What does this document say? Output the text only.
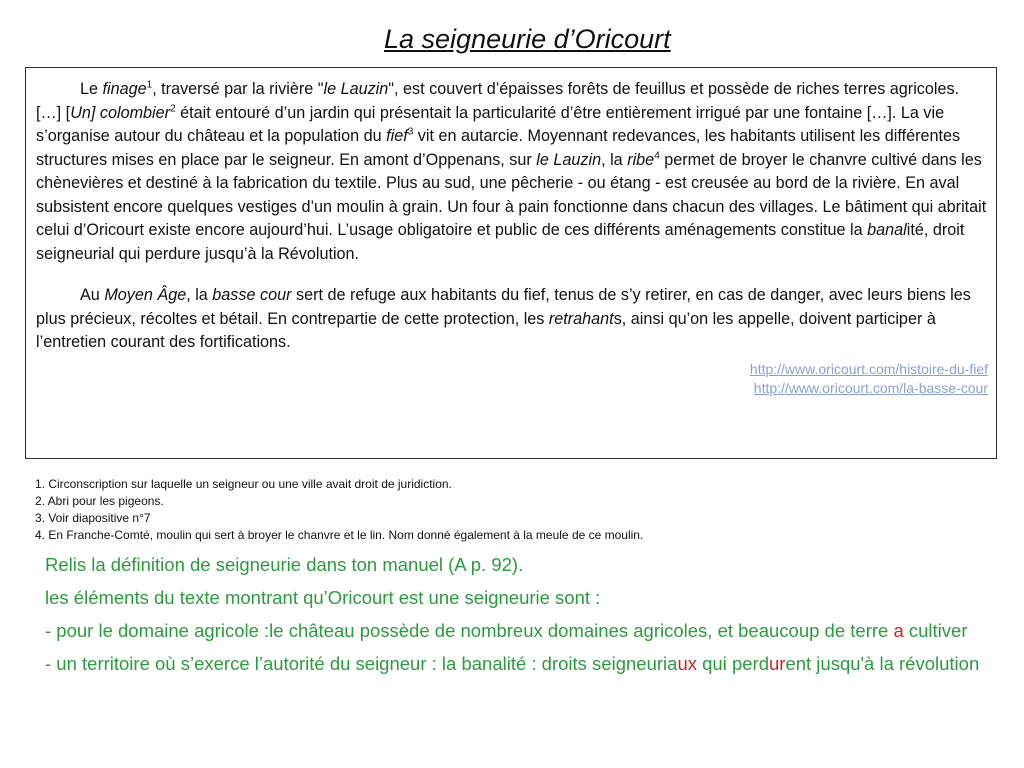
La seigneurie d’Oricourt

Le finage$^1$, traversé par la rivière "le Lauzin", est couvert d’épaisses forêts de feuillus et possède de riches terres agricoles. […] [Un] colombier$^2$ était entouré d’un jardin qui présentait la particularité d’être entièrement irrigué par une fontaine […]. La vie s’organise autour du château et la population du fief$^3$ vit en autarcie. Moyennant redevances, les habitants utilisent les différentes structures mises en place par le seigneur. En amont d’Oppenans, sur le Lauzin, la ribe$^4$ permet de broyer le chanvre cultivé dans les chènevières et destiné à la fabrication du textile. Plus au sud, une pêcherie - ou étang - est creusée au bord de la rivière. En aval subsistent encore quelques vestiges d’un moulin à grain. Un four à pain fonctionne dans chacun des villages. Le bâtiment qui abritait celui d’Oricourt existe encore aujourd’hui. L’usage obligatoire et public de ces différents aménagements constitue la banalité, droit seigneurial qui perdure jusqu’à la Révolution.

Au Moyen Âge, la basse cour sert de refuge aux habitants du fief, tenus de s’y retirer, en cas de danger, avec leurs biens les plus précieux, récoltes et bétail. En contrepartie de cette protection, les retrahants, ainsi qu’on les appelle, doivent participer à l’entretien courant des fortifications.

http://www.oricourt.com/histoire-du-fief
http://www.oricourt.com/la-basse-cour
1. Circonscription sur laquelle un seigneur ou une ville avait droit de juridiction.
2. Abri pour les pigeons.
3. Voir diapositive n°7
4. En Franche-Comté, moulin qui sert à broyer le chanvre et le lin. Nom donné également à la meule de ce moulin.

Relis la définition de seigneurie dans ton manuel (A p. 92).

les éléments du texte montrant qu’Oricourt est une seigneurie sont :

- pour le domaine agricole :le château possède de nombreux domaines agricoles, et beaucoup de terre a cultiver

- un territoire où s’exerce l’autorité du seigneur : la banalité : droits seigneuriaux qui perdurent jusqu'à la révolution
